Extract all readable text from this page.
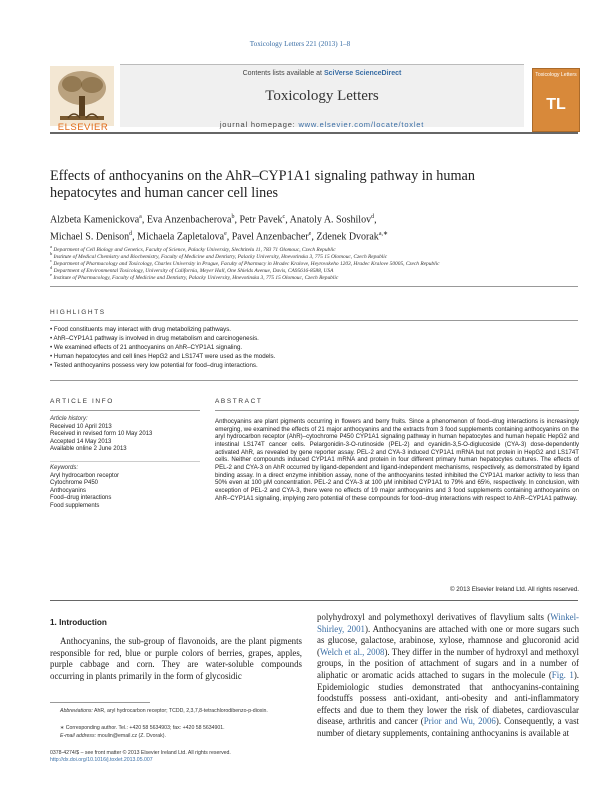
Toxicology Letters 221 (2013) 1–8
Contents lists available at SciVerse ScienceDirect
Toxicology Letters
journal homepage: www.elsevier.com/locate/toxlet
ELSEVIER
Toxicology Letters
TL
Effects of anthocyanins on the AhR–CYP1A1 signaling pathway in human hepatocytes and human cancer cell lines
Alzbeta Kamenickova$^a$, Eva Anzenbacherova$^b$, Petr Pavek$^c$, Anatoly A. Soshilov$^d$,
Michael S. Denison$^d$, Michaela Zapletalova$^e$, Pavel Anzenbacher$^e$, Zdenek Dvorak$^{a,∗}$
$^a$ Department of Cell Biology and Genetics, Faculty of Science, Palacky University, Slechtitelu 11, 783 71 Olomouc, Czech Republic
$^b$ Institute of Medical Chemistry and Biochemistry, Faculty of Medicine and Dentistry, Palacky University, Hnevotinska 3, 775 15 Olomouc, Czech Republic
$^c$ Department of Pharmacology and Toxicology, Charles University in Prague, Faculty of Pharmacy in Hradec Kralove, Heyrovskeho 1203, Hradec Kralove 50005, Czech Republic
$^d$ Department of Environmental Toxicology, University of California, Meyer Hall, One Shields Avenue, Davis, CA95616-8588, USA
$^e$ Institute of Pharmacology, Faculty of Medicine and Dentistry, Palacky University, Hnevotinska 3, 775 15 Olomouc, Czech Republic
HIGHLIGHTS
• Food constituents may interact with drug metabolizing pathways.
• AhR–CYP1A1 pathway is involved in drug metabolism and carcinogenesis.
• We examined effects of 21 anthocyanins on AhR–CYP1A1 signaling.
• Human hepatocytes and cell lines HepG2 and LS174T were used as the models.
• Tested anthocyanins possess very low potential for food–drug interactions.
ARTICLE INFO
Article history:
Received 10 April 2013
Received in revised form 10 May 2013
Accepted 14 May 2013
Available online 2 June 2013
Keywords:
Aryl hydrocarbon receptor
Cytochrome P450
Anthocyanins
Food–drug interactions
Food supplements
ABSTRACT
Anthocyanins are plant pigments occurring in flowers and berry fruits. Since a phenomenon of food–drug interactions is increasingly emerging, we examined the effects of 21 major anthocyanins and the extracts from 3 food supplements containing anthocyanins on the aryl hydrocarbon receptor (AhR)–cytochrome P450 CYP1A1 signaling pathway in human hepatocytes and human hepatic HepG2 and intestinal LS174T cancer cells. Pelargonidin-3-O-rutinoside (PEL-2) and cyanidin-3,5-O-diglucoside (CYA-3) dose-dependently activated AhR, as revealed by gene reporter assay. PEL-2 and CYA-3 induced CYP1A1 mRNA but not protein in HepG2 and LS174T cells. Neither compounds induced CYP1A1 mRNA and protein in four different primary human hepatocytes cultures. The effects of PEL-2 and CYA-3 on AhR occurred by ligand-dependent and ligand-independent mechanisms, respectively, as demonstrated by ligand binding assay. In a direct enzyme inhibition assay, none of the anthocyanins tested inhibited the CYP1A1 marker activity to less than 50% even at 100 μM concentration. PEL-2 and CYA-3 at 100 μM inhibited CYP1A1 to 79% and 65%, respectively. In conclusion, with exception of PEL-2 and CYA-3, there were no effects of 19 major anthocyanins and 3 food supplements containing anthocyanins on AhR–CYP1A1 signaling, implying zero potential of these compounds for food–drug interactions with respect to AhR–CYP1A1 pathway.
© 2013 Elsevier Ireland Ltd. All rights reserved.
1. Introduction
Anthocyanins, the sub-group of flavonoids, are the plant pigments responsible for red, blue or purple colors of berries, grapes, apples, purple cabbage and corn. They are water-soluble compounds occurring in plants primarily in the form of glycosidic
polyhydroxyl and polymethoxyl derivatives of flavylium salts (Winkel-Shirley, 2001). Anthocyanins are attached with one or more sugars such as glucose, galactose, arabinose, xylose, rhamnose and glucoronid acid (Welch et al., 2008). They differ in the number of hydroxyl and methoxyl groups, in the position of attachment of sugars and in a number of aliphatic or aromatic acids attached to sugars in the molecule (Fig. 1). Epidemiologic studies demonstrated that anthocyanins-containing foodstuffs possess anti-oxidant, anti-obesity and anti-inflammatory effects and due to them they lower the risk of diabetes, cardiovascular disease, arthritis and cancer (Prior and Wu, 2006). Consequently, a vast number of dietary supplements, containing anthocyanins is available at
Abbreviations: AhR, aryl hydrocarbon receptor; TCDD, 2,3,7,8-tetrachlorodibenzo-p-dioxin.
∗ Corresponding author. Tel.: +420 58 5634903; fax: +420 58 5634901.
E-mail address: moulin@email.cz (Z. Dvorak).
0378-4274/$ – see front matter © 2013 Elsevier Ireland Ltd. All rights reserved.
http://dx.doi.org/10.1016/j.toxlet.2013.05.007
